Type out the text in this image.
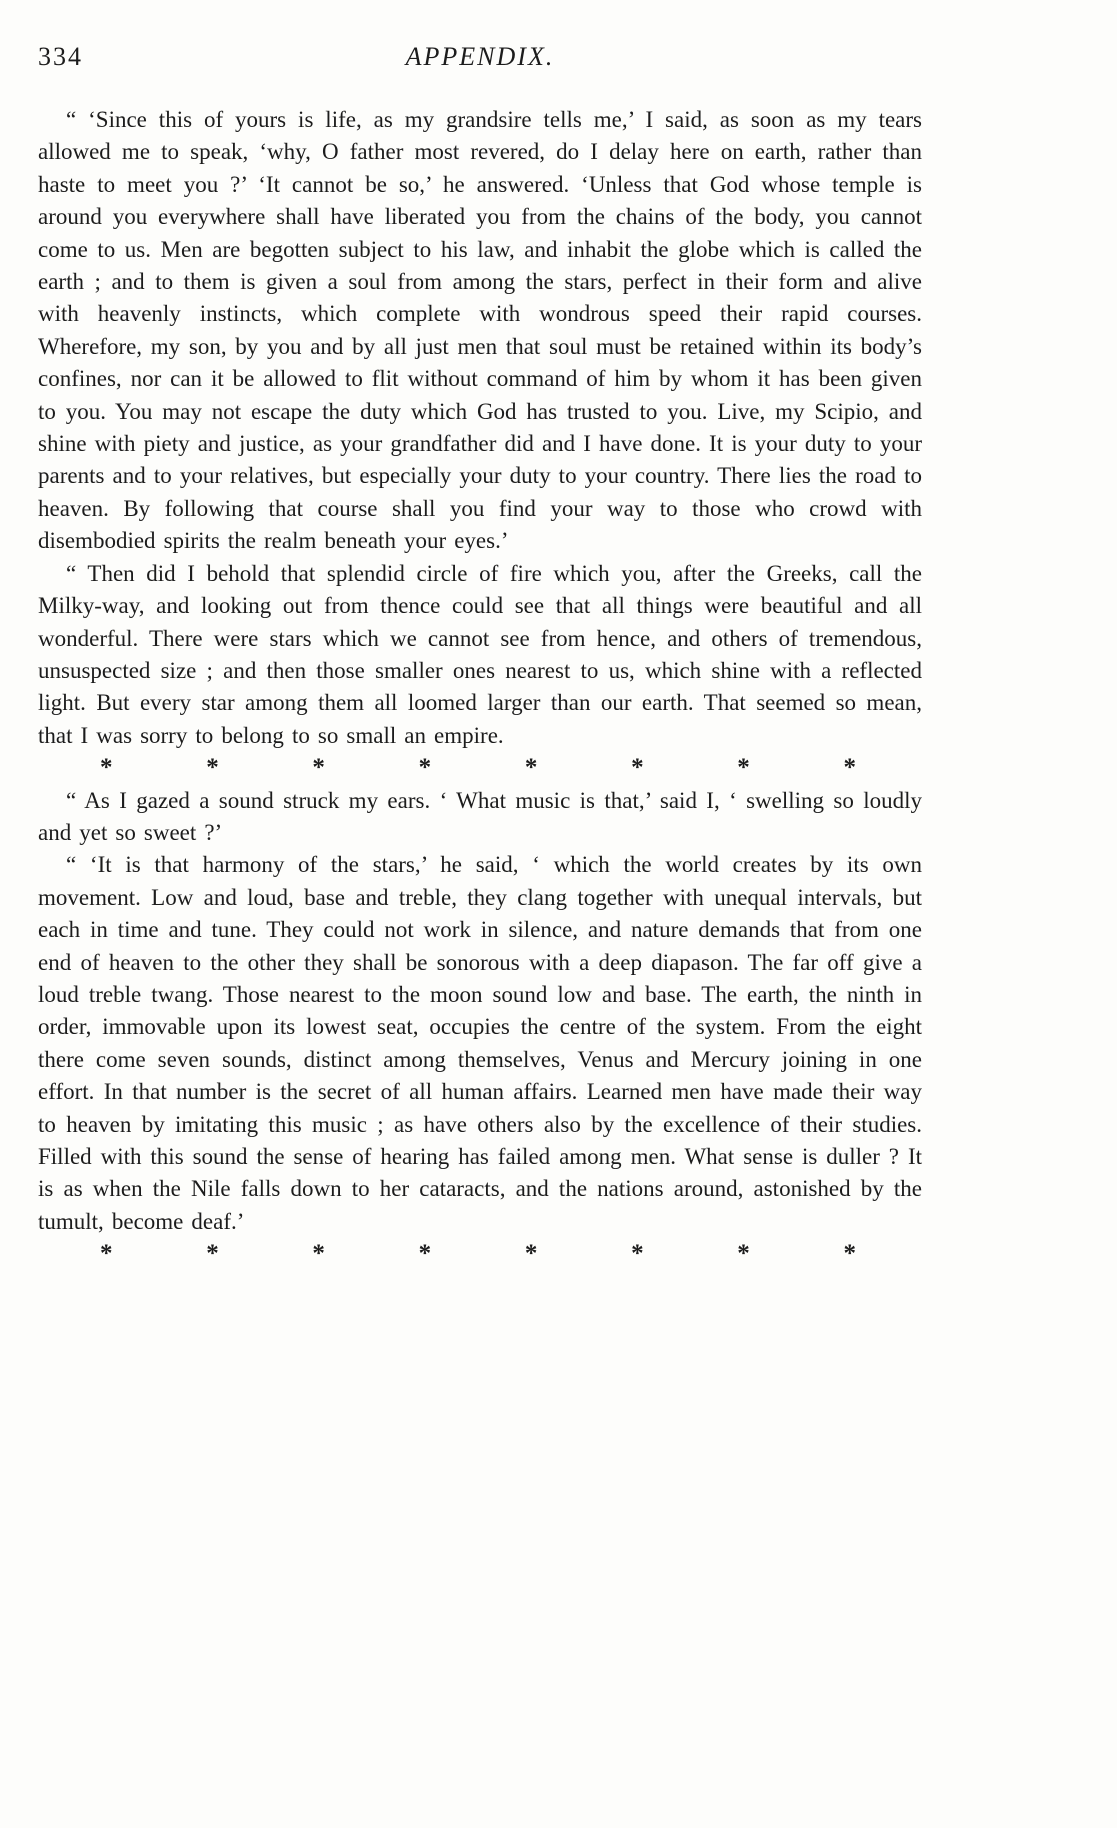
334	APPENDIX.

“ ‘Since this of yours is life, as my grandsire tells me,’ I said, as soon as my tears allowed me to speak, ‘why, O father most revered, do I delay here on earth, rather than haste to meet you ?’ ‘It cannot be so,’ he answered. ‘Unless that God whose temple is around you everywhere shall have liberated you from the chains of the body, you cannot come to us. Men are begotten subject to his law, and inhabit the globe which is called the earth ; and to them is given a soul from among the stars, perfect in their form and alive with heavenly instincts, which complete with wondrous speed their rapid courses. Wherefore, my son, by you and by all just men that soul must be retained within its body’s confines, nor can it be allowed to flit without command of him by whom it has been given to you. You may not escape the duty which God has trusted to you. Live, my Scipio, and shine with piety and justice, as your grandfather did and I have done. It is your duty to your parents and to your relatives, but especially your duty to your country. There lies the road to heaven. By following that course shall you find your way to those who crowd with disembodied spirits the realm beneath your eyes.’

“ Then did I behold that splendid circle of fire which you, after the Greeks, call the Milky-way, and looking out from thence could see that all things were beautiful and all wonderful. There were stars which we cannot see from hence, and others of tremendous, unsuspected size ; and then those smaller ones nearest to us, which shine with a reflected light. But every star among them all loomed larger than our earth. That seemed so mean, that I was sorry to belong to so small an empire.

* * * * * * * *

“ As I gazed a sound struck my ears. ‘ What music is that,’ said I, ‘ swelling so loudly and yet so sweet ?’

“ ‘It is that harmony of the stars,’ he said, ‘ which the world creates by its own movement. Low and loud, base and treble, they clang together with unequal intervals, but each in time and tune. They could not work in silence, and nature demands that from one end of heaven to the other they shall be sonorous with a deep diapason. The far off give a loud treble twang. Those nearest to the moon sound low and base. The earth, the ninth in order, immovable upon its lowest seat, occupies the centre of the system. From the eight there come seven sounds, distinct among themselves, Venus and Mercury joining in one effort. In that number is the secret of all human affairs. Learned men have made their way to heaven by imitating this music ; as have others also by the excellence of their studies. Filled with this sound the sense of hearing has failed among men. What sense is duller ? It is as when the Nile falls down to her cataracts, and the nations around, astonished by the tumult, become deaf.’

* * * * * * * *
